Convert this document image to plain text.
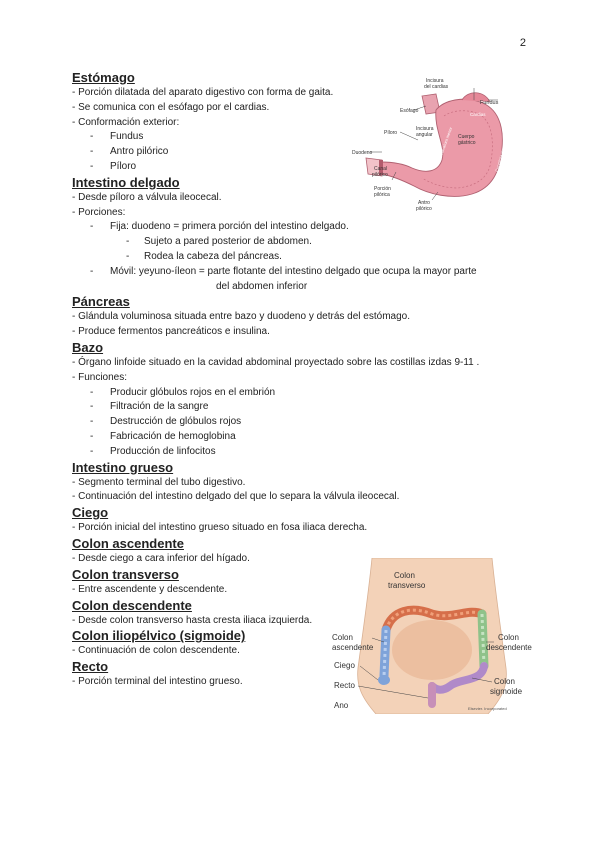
2

Estómago

- Porción dilatada del aparato digestivo con forma de gaita.

- Se comunica con el esófago por el cardias.

- Conformación exterior:

- Fundus

- Antro pilórico

- Píloro

Intestino delgado

- Desde píloro a válvula ileocecal.

- Porciones:

- Fija: duodeno = primera porción del intestino delgado.

- Sujeto a pared posterior de abdomen.

- Rodea la cabeza del páncreas.

- Móvil: yeyuno-íleon = parte flotante del intestino delgado que ocupa la mayor parte

del abdomen inferior

Páncreas

- Glándula voluminosa situada entre bazo y duodeno y detrás del estómago.

- Produce fermentos pancreáticos e insulina.

Bazo

- Órgano linfoide situado en la cavidad abdominal proyectado sobre las costillas izdas 9-11 .

- Funciones:

- Producir glóbulos rojos en el embrión

- Filtración de la sangre

- Destrucción de glóbulos rojos

- Fabricación de hemoglobina

- Producción de linfocitos

Intestino grueso

- Segmento terminal del tubo digestivo.

- Continuación del intestino delgado del que lo separa la válvula ileocecal.

Ciego

- Porción inicial del intestino grueso situado en fosa iliaca derecha.

Colon ascendente

- Desde ciego a cara inferior del hígado.

Colon transverso

- Entre ascendente y descendente.

Colon descendente

- Desde colon transverso hasta cresta iliaca izquierda.

Colon iliopélvico (sigmoide)

- Continuación de colon descendente.

Recto

- Porción terminal del intestino grueso.

Incisura
del cardias
Fundus
Esófago
Cardias
Píloro
Incisura
angular	Cuerpo
gástrico
Duodeno
Canal
pilórico
Porción
pilórica
Antro
pilórico
Curvatura menor
Curvatura mayor
Colon
transverso
Colon
ascendente
Colon
descendente
Ciego
Recto	Colon
sigmoide
Ano	Elsevier. Incorporated
